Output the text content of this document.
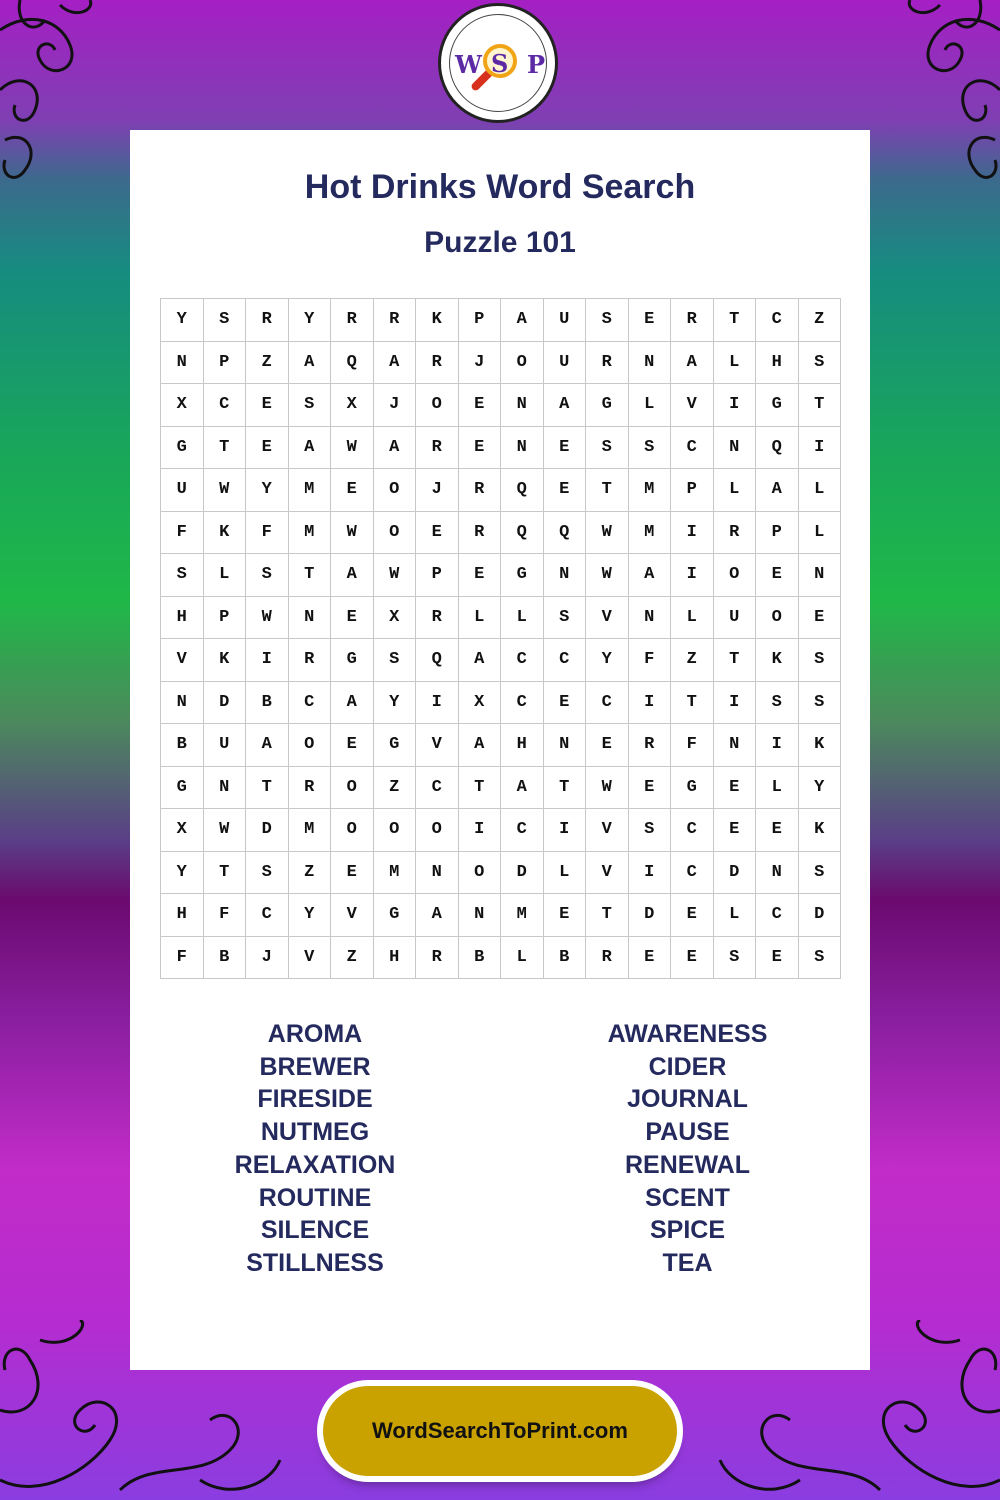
W S P
Hot Drinks Word Search
Puzzle 101
Y	S	R	Y	R	R	K	P	A	U	S	E	R	T	C	Z
N	P	Z	A	Q	A	R	J	O	U	R	N	A	L	H	S
X	C	E	S	X	J	O	E	N	A	G	L	V	I	G	T
G	T	E	A	W	A	R	E	N	E	S	S	C	N	Q	I
U	W	Y	M	E	O	J	R	Q	E	T	M	P	L	A	L
F	K	F	M	W	O	E	R	Q	Q	W	M	I	R	P	L
S	L	S	T	A	W	P	E	G	N	W	A	I	O	E	N
H	P	W	N	E	X	R	L	L	S	V	N	L	U	O	E
V	K	I	R	G	S	Q	A	C	C	Y	F	Z	T	K	S
N	D	B	C	A	Y	I	X	C	E	C	I	T	I	S	S
B	U	A	O	E	G	V	A	H	N	E	R	F	N	I	K
G	N	T	R	O	Z	C	T	A	T	W	E	G	E	L	Y
X	W	D	M	O	O	O	I	C	I	V	S	C	E	E	K
Y	T	S	Z	E	M	N	O	D	L	V	I	C	D	N	S
H	F	C	Y	V	G	A	N	M	E	T	D	E	L	C	D
F	B	J	V	Z	H	R	B	L	B	R	E	E	S	E	S
AROMA
BREWER
FIRESIDE
NUTMEG
RELAXATION
ROUTINE
SILENCE
STILLNESS
AWARENESS
CIDER
JOURNAL
PAUSE
RENEWAL
SCENT
SPICE
TEA
WordSearchToPrint.com
